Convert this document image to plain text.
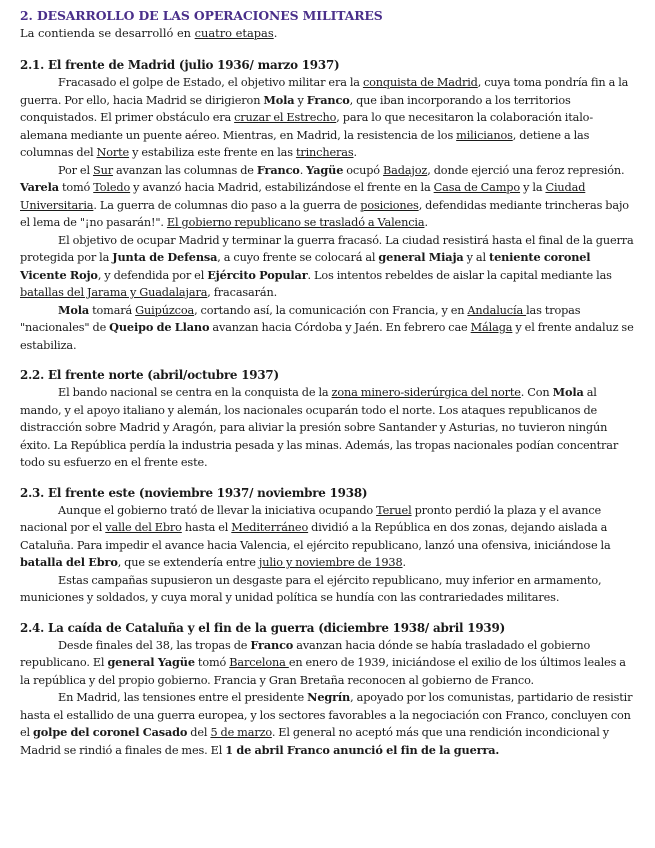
2. DESARROLLO DE LAS OPERACIONES MILITARES

La contienda se desarrolló en cuatro etapas.

2.1. El frente de Madrid (julio 1936/ marzo 1937)

Fracasado el golpe de Estado, el objetivo militar era la conquista de Madrid, cuya toma pondría fin a la guerra. Por ello, hacia Madrid se dirigieron Mola y Franco, que iban incorporando a los territorios conquistados. El primer obstáculo era cruzar el Estrecho, para lo que necesitaron la colaboración italo-alemana mediante un puente aéreo. Mientras, en Madrid, la resistencia de los milicianos, detiene a las columnas del Norte y estabiliza este frente en las trincheras.

Por el Sur avanzan las columnas de Franco. Yagüe ocupó Badajoz, donde ejerció una feroz represión. Varela tomó Toledo y avanzó hacia Madrid, estabilizándose el frente en la Casa de Campo y la Ciudad Universitaria. La guerra de columnas dio paso a la guerra de posiciones, defendidas mediante trincheras bajo el lema de "¡no pasarán!". El gobierno republicano se trasladó a Valencia.

El objetivo de ocupar Madrid y terminar la guerra fracasó. La ciudad resistirá hasta el final de la guerra protegida por la Junta de Defensa, a cuyo frente se colocará al general Miaja y al teniente coronel Vicente Rojo, y defendida por el Ejército Popular. Los intentos rebeldes de aislar la capital mediante las batallas del Jarama y Guadalajara, fracasarán.

Mola tomará Guipúzcoa, cortando así, la comunicación con Francia, y en Andalucía las tropas "nacionales" de Queipo de Llano avanzan hacia Córdoba y Jaén. En febrero cae Málaga y el frente andaluz se estabiliza.

2.2. El frente norte (abril/octubre 1937)

El bando nacional se centra en la conquista de la zona minero-siderúrgica del norte. Con Mola al mando, y el apoyo italiano y alemán, los nacionales ocuparán todo el norte. Los ataques republicanos de distracción sobre Madrid y Aragón, para aliviar la presión sobre Santander y Asturias, no tuvieron ningún éxito. La República perdía la industria pesada y las minas. Además, las tropas nacionales podían concentrar todo su esfuerzo en el frente este.

2.3. El frente este (noviembre 1937/ noviembre 1938)

Aunque el gobierno trató de llevar la iniciativa ocupando Teruel pronto perdió la plaza y el avance nacional por el valle del Ebro hasta el Mediterráneo dividió a la República en dos zonas, dejando aislada a Cataluña. Para impedir el avance hacia Valencia, el ejército republicano, lanzó una ofensiva, iniciándose la batalla del Ebro, que se extendería entre julio y noviembre de 1938.

Estas campañas supusieron un desgaste para el ejército republicano, muy inferior en armamento, municiones y soldados, y cuya moral y unidad política se hundía con las contrariedades militares.

2.4. La caída de Cataluña y el fin de la guerra (diciembre 1938/ abril 1939)

Desde finales del 38, las tropas de Franco avanzan hacia dónde se había trasladado el gobierno republicano. El general Yagüe tomó Barcelona en enero de 1939, iniciándose el exilio de los últimos leales a la república y del propio gobierno. Francia y Gran Bretaña reconocen al gobierno de Franco.

En Madrid, las tensiones entre el presidente Negrín, apoyado por los comunistas, partidario de resistir hasta el estallido de una guerra europea, y los sectores favorables a la negociación con Franco, concluyen con el golpe del coronel Casado del 5 de marzo. El general no aceptó más que una rendición incondicional y Madrid se rindió a finales de mes. El 1 de abril Franco anunció el fin de la guerra.
